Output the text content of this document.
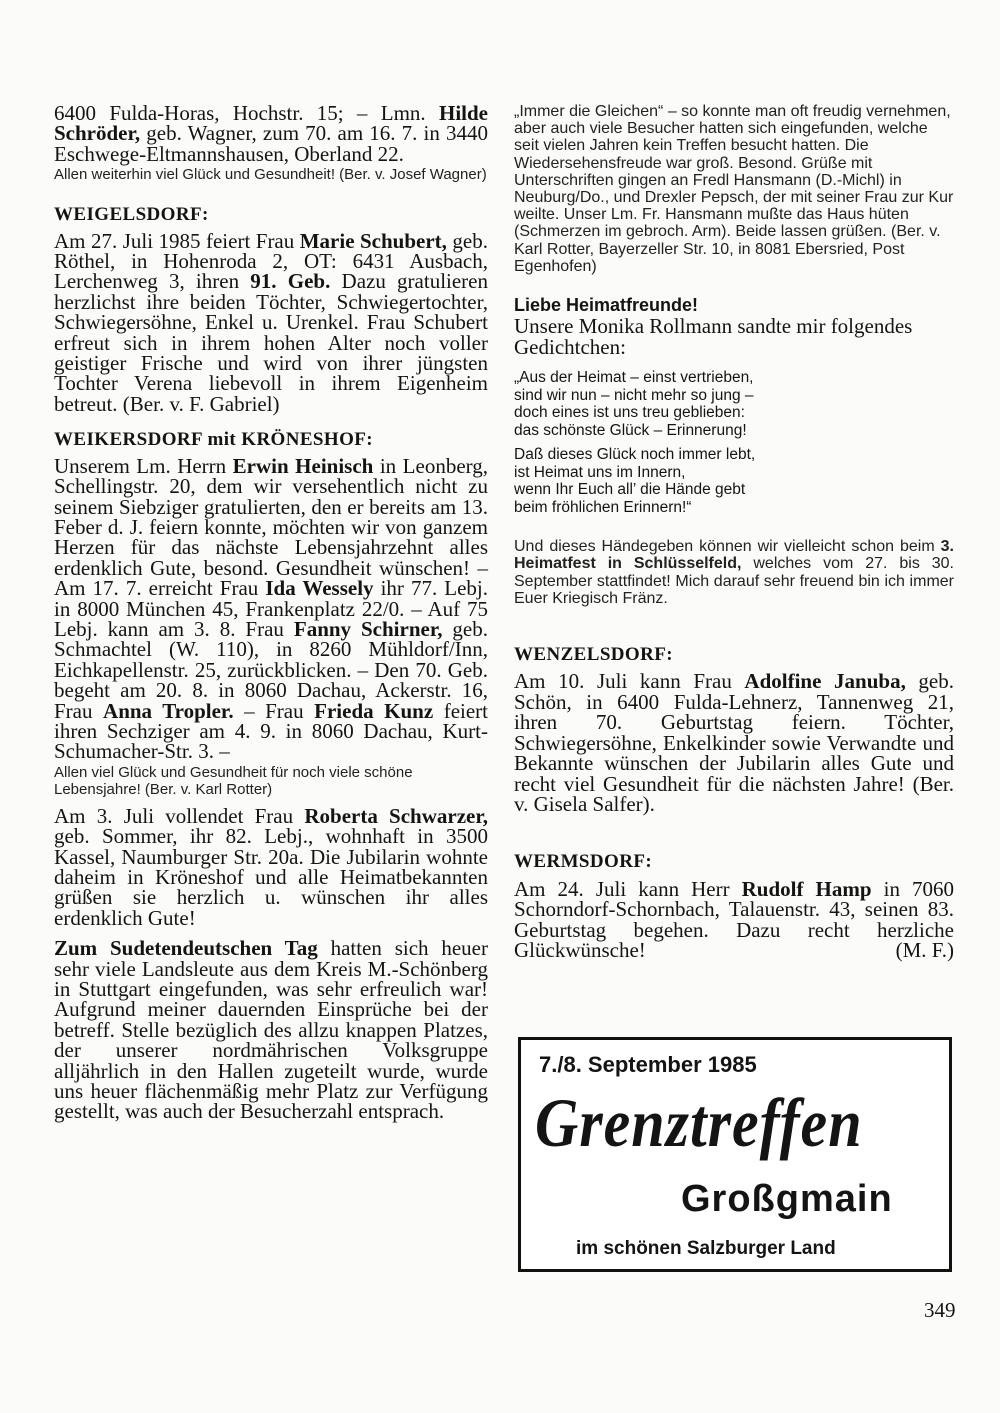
6400 Fulda-Horas, Hochstr. 15; – Lmn. Hilde Schröder, geb. Wagner, zum 70. am 16. 7. in 3440 Eschwege-Eltmannshausen, Oberland 22.

Allen weiterhin viel Glück und Gesundheit! (Ber. v. Josef Wagner)

WEIGELSDORF:

Am 27. Juli 1985 feiert Frau Marie Schubert, geb. Röthel, in Hohenroda 2, OT: 6431 Ausbach, Lerchenweg 3, ihren 91. Geb. Dazu gratulieren herzlichst ihre beiden Töchter, Schwiegertochter, Schwiegersöhne, Enkel u. Urenkel. Frau Schubert erfreut sich in ihrem hohen Alter noch voller geistiger Frische und wird von ihrer jüngsten Tochter Verena liebevoll in ihrem Eigenheim betreut. (Ber. v. F. Gabriel)

WEIKERSDORF mit KRÖNESHOF:

Unserem Lm. Herrn Erwin Heinisch in Leonberg, Schellingstr. 20, dem wir versehentlich nicht zu seinem Siebziger gratulierten, den er bereits am 13. Feber d. J. feiern konnte, möchten wir von ganzem Herzen für das nächste Lebensjahrzehnt alles erdenklich Gute, besond. Gesundheit wünschen! – Am 17. 7. erreicht Frau Ida Wessely ihr 77. Lebj. in 8000 München 45, Frankenplatz 22/0. – Auf 75 Lebj. kann am 3. 8. Frau Fanny Schirner, geb. Schmachtel (W. 110), in 8260 Mühldorf/Inn, Eichkapellenstr. 25, zurückblicken. – Den 70. Geb. begeht am 20. 8. in 8060 Dachau, Ackerstr. 16, Frau Anna Tropler. – Frau Frieda Kunz feiert ihren Sechziger am 4. 9. in 8060 Dachau, Kurt-Schumacher-Str. 3. –

Allen viel Glück und Gesundheit für noch viele schöne Lebensjahre! (Ber. v. Karl Rotter)

Am 3. Juli vollendet Frau Roberta Schwarzer, geb. Sommer, ihr 82. Lebj., wohnhaft in 3500 Kassel, Naumburger Str. 20a. Die Jubilarin wohnte daheim in Kröneshof und alle Heimatbekannten grüßen sie herzlich u. wünschen ihr alles erdenklich Gute!

Zum Sudetendeutschen Tag hatten sich heuer sehr viele Landsleute aus dem Kreis M.-Schönberg in Stuttgart eingefunden, was sehr erfreulich war! Aufgrund meiner dauernden Einsprüche bei der betreff. Stelle bezüglich des allzu knappen Platzes, der unserer nordmährischen Volksgruppe alljährlich in den Hallen zugeteilt wurde, wurde uns heuer flächenmäßig mehr Platz zur Verfügung gestellt, was auch der Besucherzahl entsprach.

„Immer die Gleichen“ – so konnte man oft freudig vernehmen, aber auch viele Besucher hatten sich eingefunden, welche seit vielen Jahren kein Treffen besucht hatten. Die Wiedersehensfreude war groß. Besond. Grüße mit Unterschriften gingen an Fredl Hansmann (D.-Michl) in Neuburg/Do., und Drexler Pepsch, der mit seiner Frau zur Kur weilte. Unser Lm. Fr. Hansmann mußte das Haus hüten (Schmerzen im gebroch. Arm). Beide lassen grüßen. (Ber. v. Karl Rotter, Bayerzeller Str. 10, in 8081 Ebersried, Post Egenhofen)

Liebe Heimatfreunde!

Unsere Monika Rollmann sandte mir folgendes Gedichtchen:

„Aus der Heimat – einst vertrieben,
sind wir nun – nicht mehr so jung –
doch eines ist uns treu geblieben:
das schönste Glück – Erinnerung!
Daß dieses Glück noch immer lebt,
ist Heimat uns im Innern,
wenn Ihr Euch all’ die Hände gebt
beim fröhlichen Erinnern!“

Und dieses Händegeben können wir vielleicht schon beim 3. Heimatfest in Schlüsselfeld, welches vom 27. bis 30. September stattfindet! Mich darauf sehr freuend bin ich immer Euer Kriegisch Fränz.

WENZELSDORF:

Am 10. Juli kann Frau Adolfine Januba, geb. Schön, in 6400 Fulda-Lehnerz, Tannenweg 21, ihren 70. Geburtstag feiern. Töchter, Schwiegersöhne, Enkelkinder sowie Verwandte und Bekannte wünschen der Jubilarin alles Gute und recht viel Gesundheit für die nächsten Jahre! (Ber. v. Gisela Salfer).

WERMSDORF:

Am 24. Juli kann Herr Rudolf Hamp in 7060 Schorndorf-Schornbach, Talauenstr. 43, seinen 83. Geburtstag begehen. Dazu recht herzliche Glückwünsche!	(M. F.)

7./8. September 1985
Grenztreffen
Großgmain
im schönen Salzburger Land
349
